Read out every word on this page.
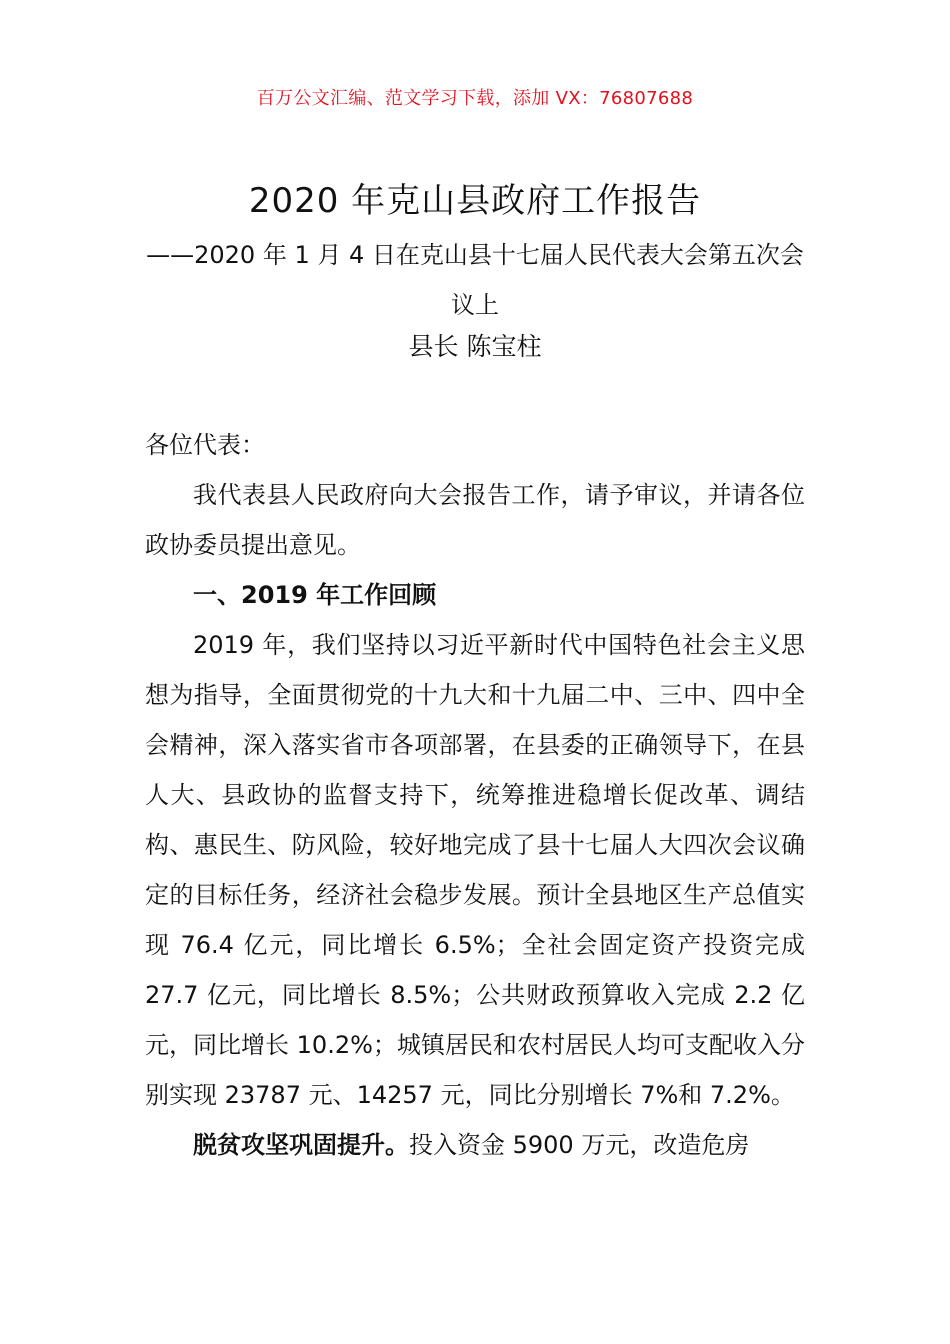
百万公文汇编、范文学习下载，添加 VX：76807688
2020 年克山县政府工作报告

——2020 年 1 月 4 日在克山县十七届人民代表大会第五次会议上

县长 陈宝柱

各位代表：

我代表县人民政府向大会报告工作，请予审议，并请各位政协委员提出意见。

一、2019 年工作回顾

2019 年，我们坚持以习近平新时代中国特色社会主义思想为指导，全面贯彻党的十九大和十九届二中、三中、四中全会精神，深入落实省市各项部署，在县委的正确领导下，在县人大、县政协的监督支持下，统筹推进稳增长促改革、调结构、惠民生、防风险，较好地完成了县十七届人大四次会议确定的目标任务，经济社会稳步发展。预计全县地区生产总值实现 76.4 亿元，同比增长 6.5%；全社会固定资产投资完成 27.7 亿元，同比增长 8.5%；公共财政预算收入完成 2.2 亿元，同比增长 10.2%；城镇居民和农村居民人均可支配收入分别实现 23787 元、14257 元，同比分别增长 7%和 7.2%。

脱贫攻坚巩固提升。投入资金 5900 万元，改造危房
